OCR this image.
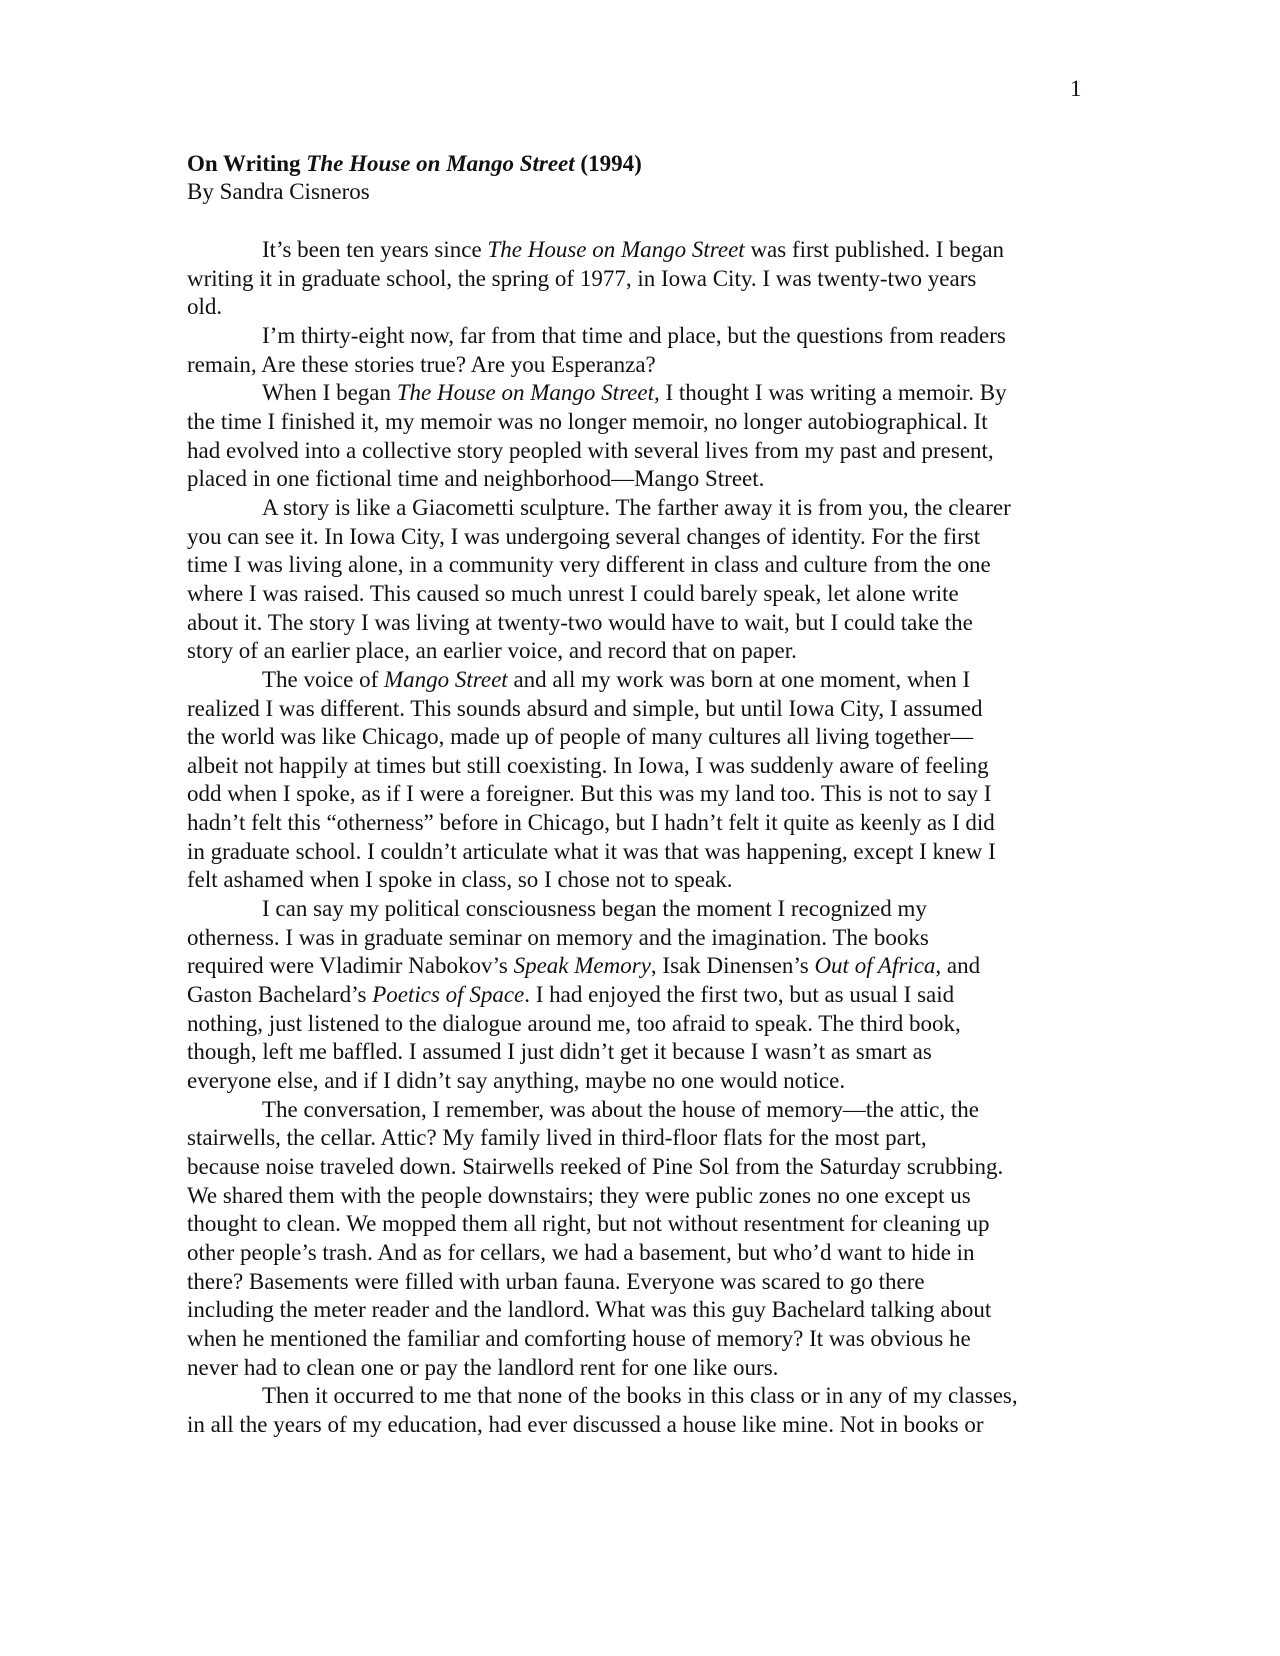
1
On Writing The House on Mango Street (1994)
By Sandra Cisneros
It’s been ten years since The House on Mango Street was first published. I began
writing it in graduate school, the spring of 1977, in Iowa City. I was twenty-two years
old.
I’m thirty-eight now, far from that time and place, but the questions from readers
remain, Are these stories true? Are you Esperanza?
When I began The House on Mango Street, I thought I was writing a memoir. By
the time I finished it, my memoir was no longer memoir, no longer autobiographical. It
had evolved into a collective story peopled with several lives from my past and present,
placed in one fictional time and neighborhood—Mango Street.
A story is like a Giacometti sculpture. The farther away it is from you, the clearer
you can see it. In Iowa City, I was undergoing several changes of identity. For the first
time I was living alone, in a community very different in class and culture from the one
where I was raised. This caused so much unrest I could barely speak, let alone write
about it. The story I was living at twenty-two would have to wait, but I could take the
story of an earlier place, an earlier voice, and record that on paper.
The voice of Mango Street and all my work was born at one moment, when I
realized I was different. This sounds absurd and simple, but until Iowa City, I assumed
the world was like Chicago, made up of people of many cultures all living together—
albeit not happily at times but still coexisting. In Iowa, I was suddenly aware of feeling
odd when I spoke, as if I were a foreigner. But this was my land too. This is not to say I
hadn’t felt this “otherness” before in Chicago, but I hadn’t felt it quite as keenly as I did
in graduate school. I couldn’t articulate what it was that was happening, except I knew I
felt ashamed when I spoke in class, so I chose not to speak.
I can say my political consciousness began the moment I recognized my
otherness. I was in graduate seminar on memory and the imagination. The books
required were Vladimir Nabokov’s Speak Memory, Isak Dinensen’s Out of Africa, and
Gaston Bachelard’s Poetics of Space. I had enjoyed the first two, but as usual I said
nothing, just listened to the dialogue around me, too afraid to speak. The third book,
though, left me baffled. I assumed I just didn’t get it because I wasn’t as smart as
everyone else, and if I didn’t say anything, maybe no one would notice.
The conversation, I remember, was about the house of memory—the attic, the
stairwells, the cellar. Attic? My family lived in third-floor flats for the most part,
because noise traveled down. Stairwells reeked of Pine Sol from the Saturday scrubbing.
We shared them with the people downstairs; they were public zones no one except us
thought to clean. We mopped them all right, but not without resentment for cleaning up
other people’s trash. And as for cellars, we had a basement, but who’d want to hide in
there? Basements were filled with urban fauna. Everyone was scared to go there
including the meter reader and the landlord. What was this guy Bachelard talking about
when he mentioned the familiar and comforting house of memory? It was obvious he
never had to clean one or pay the landlord rent for one like ours.
Then it occurred to me that none of the books in this class or in any of my classes,
in all the years of my education, had ever discussed a house like mine. Not in books or
